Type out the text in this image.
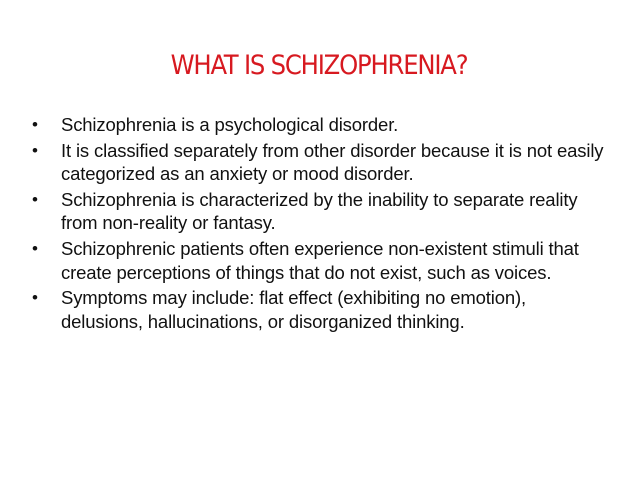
WHAT IS SCHIZOPHRENIA?
•	Schizophrenia is a psychological disorder.
•	It is classified separately from other disorder because it is not easily categorized as an anxiety or mood disorder.
•	Schizophrenia is characterized by the inability to separate reality from non-reality or fantasy.
•	Schizophrenic patients often experience non-existent stimuli that create perceptions of things that do not exist, such as voices.
•	Symptoms may include: flat effect (exhibiting no emotion), delusions, hallucinations, or disorganized thinking.
